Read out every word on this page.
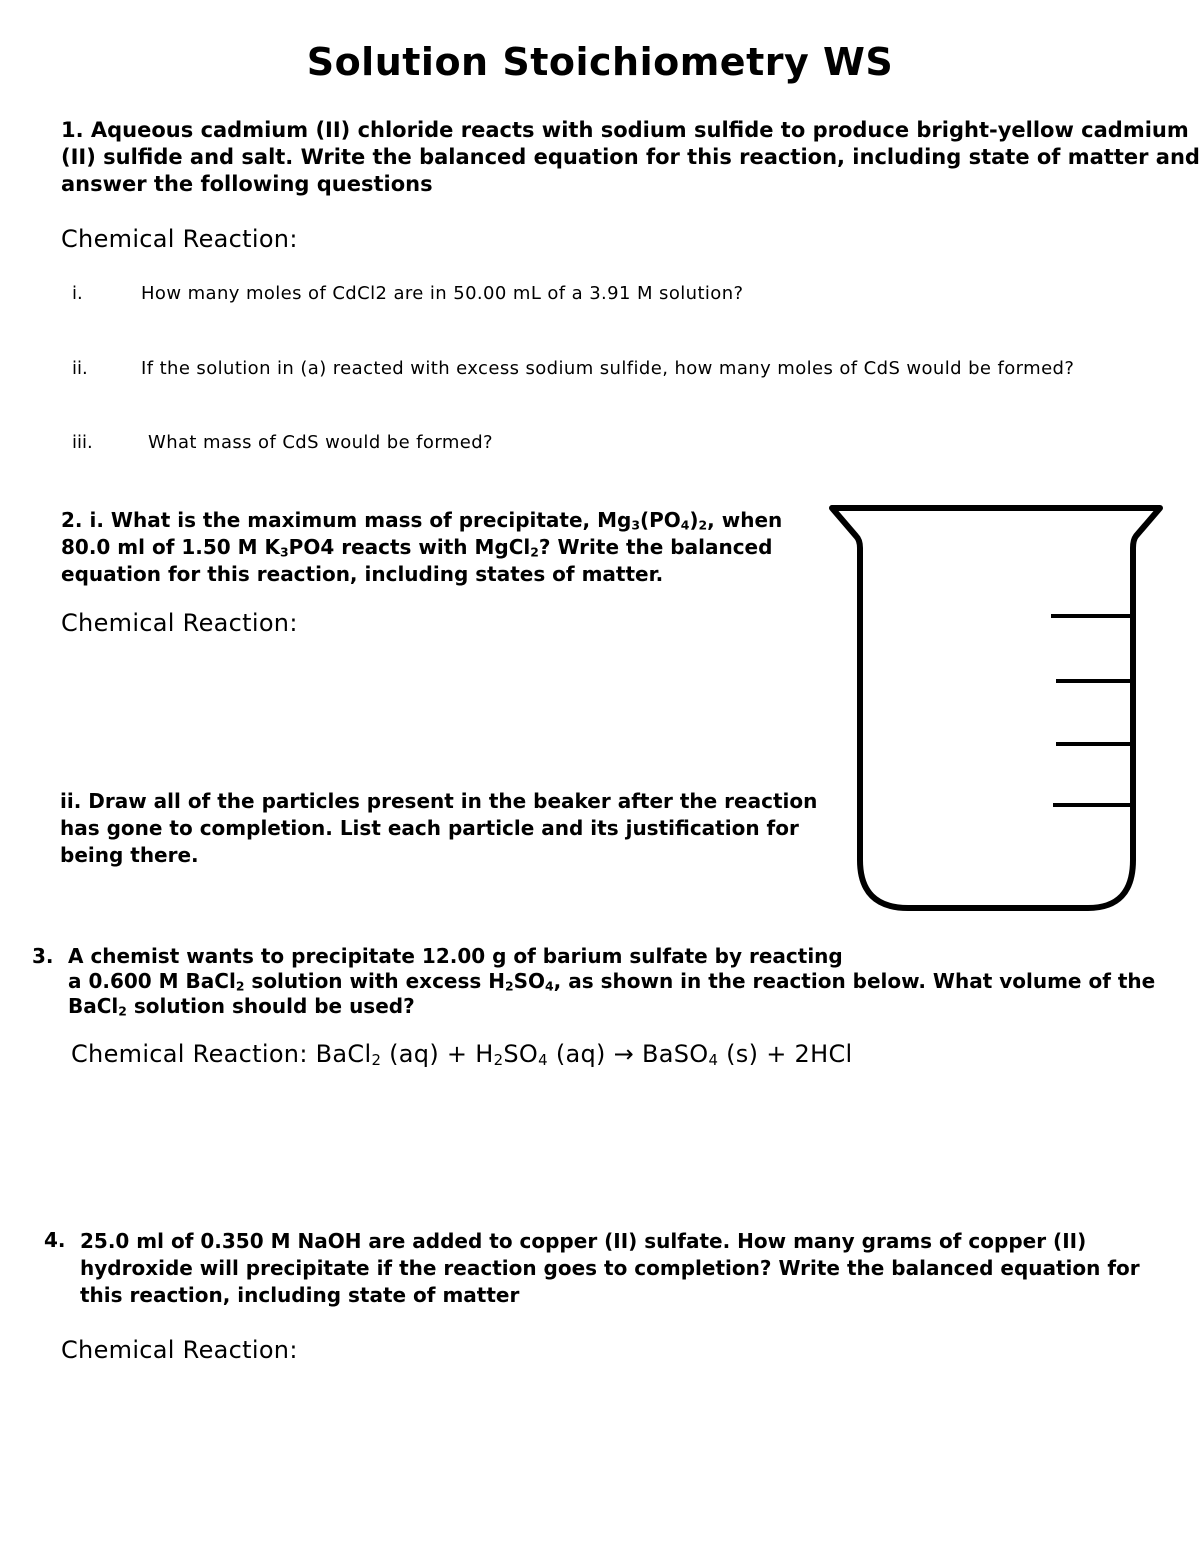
Solution Stoichiometry WS
1. Aqueous cadmium (II) chloride reacts with sodium sulfide to produce bright-yellow cadmium
(II) sulfide and salt. Write the balanced equation for this reaction, including state of matter and
answer the following questions
Chemical Reaction:
i.	How many moles of CdCl2 are in 50.00 mL of a 3.91 M solution?
ii.	If the solution in (a) reacted with excess sodium sulfide, how many moles of CdS would be formed?
iii.	What mass of CdS would be formed?
2. i. What is the maximum mass of precipitate, Mg3(PO4)2, when
80.0 ml of 1.50 M K3PO4 reacts with MgCl2? Write the balanced
equation for this reaction, including states of matter.
Chemical Reaction:
ii. Draw all of the particles present in the beaker after the reaction
has gone to completion. List each particle and its justification for
being there.
3. A chemist wants to precipitate 12.00 g of barium sulfate by reacting
a 0.600 M BaCl2 solution with excess H2SO4, as shown in the reaction below. What volume of the
BaCl2 solution should be used?
Chemical Reaction: BaCl2 (aq) + H2SO4 (aq) → BaSO4 (s) + 2HCl
4. 25.0 ml of 0.350 M NaOH are added to copper (II) sulfate. How many grams of copper (II)
hydroxide will precipitate if the reaction goes to completion? Write the balanced equation for
this reaction, including state of matter
Chemical Reaction:
